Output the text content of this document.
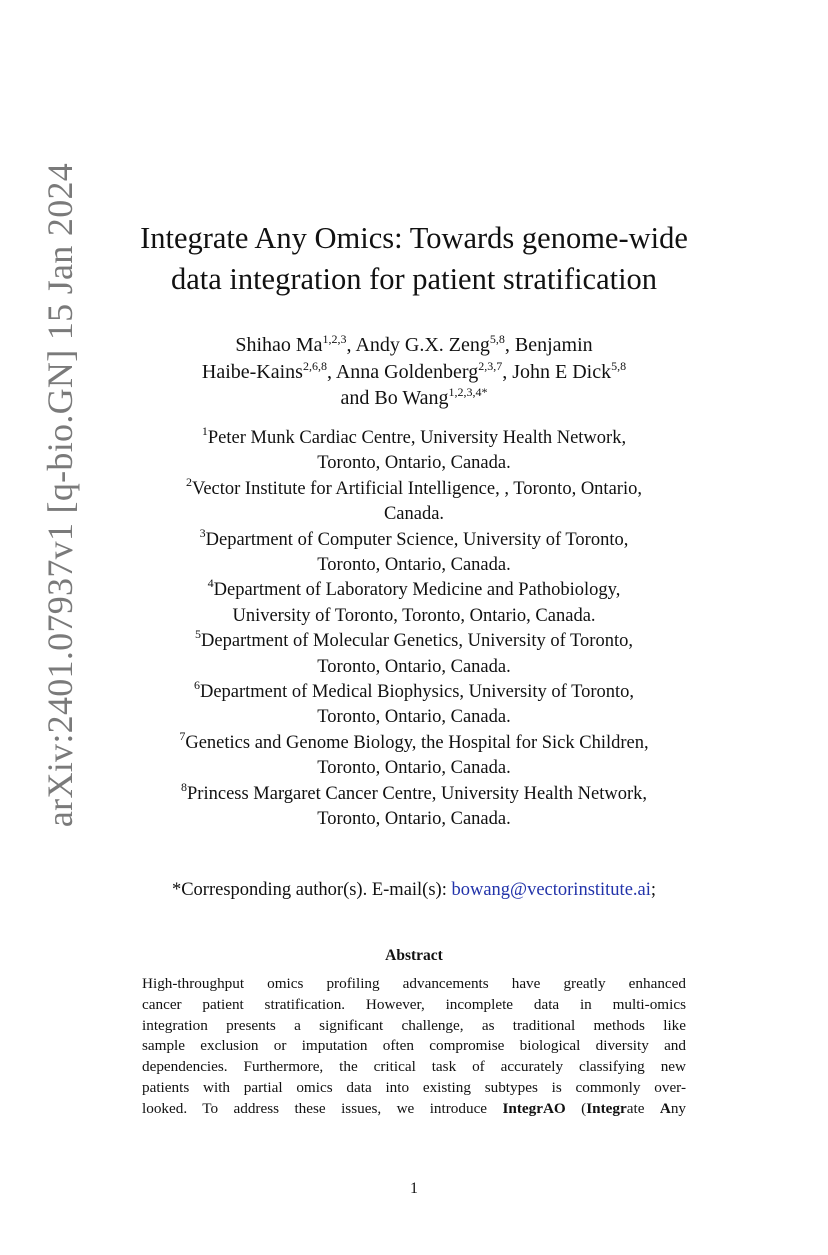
arXiv:2401.07937v1 [q-bio.GN] 15 Jan 2024	Integrate Any Omics: Towards genome-wide
data integration for patient stratification
Shihao Ma$^{1,2,3}$, Andy G.X. Zeng$^{5,8}$, Benjamin
Haibe-Kains$^{2,6,8}$, Anna Goldenberg$^{2,3,7}$, John E Dick$^{5,8}$
and Bo Wang$^{1,2,3,4*}$

$^1$Peter Munk Cardiac Centre, University Health Network,
Toronto, Ontario, Canada.

$^2$Vector Institute for Artificial Intelligence, , Toronto, Ontario,
Canada.

$^3$Department of Computer Science, University of Toronto,
Toronto, Ontario, Canada.

$^4$Department of Laboratory Medicine and Pathobiology,
University of Toronto, Toronto, Ontario, Canada.

$^5$Department of Molecular Genetics, University of Toronto,
Toronto, Ontario, Canada.

$^6$Department of Medical Biophysics, University of Toronto,
Toronto, Ontario, Canada.

$^7$Genetics and Genome Biology, the Hospital for Sick Children,
Toronto, Ontario, Canada.

$^8$Princess Margaret Cancer Centre, University Health Network,
Toronto, Ontario, Canada.

*Corresponding author(s). E-mail(s): bowang@vectorinstitute.ai;
Abstract

High-throughput omics profiling advancements have greatly enhanced
cancer patient stratification. However, incomplete data in multi-omics
integration presents a significant challenge, as traditional methods like
sample exclusion or imputation often compromise biological diversity and
dependencies. Furthermore, the critical task of accurately classifying new
patients with partial omics data into existing subtypes is commonly over-
looked. To address these issues, we introduce IntegrAO (Integrate Any

1
